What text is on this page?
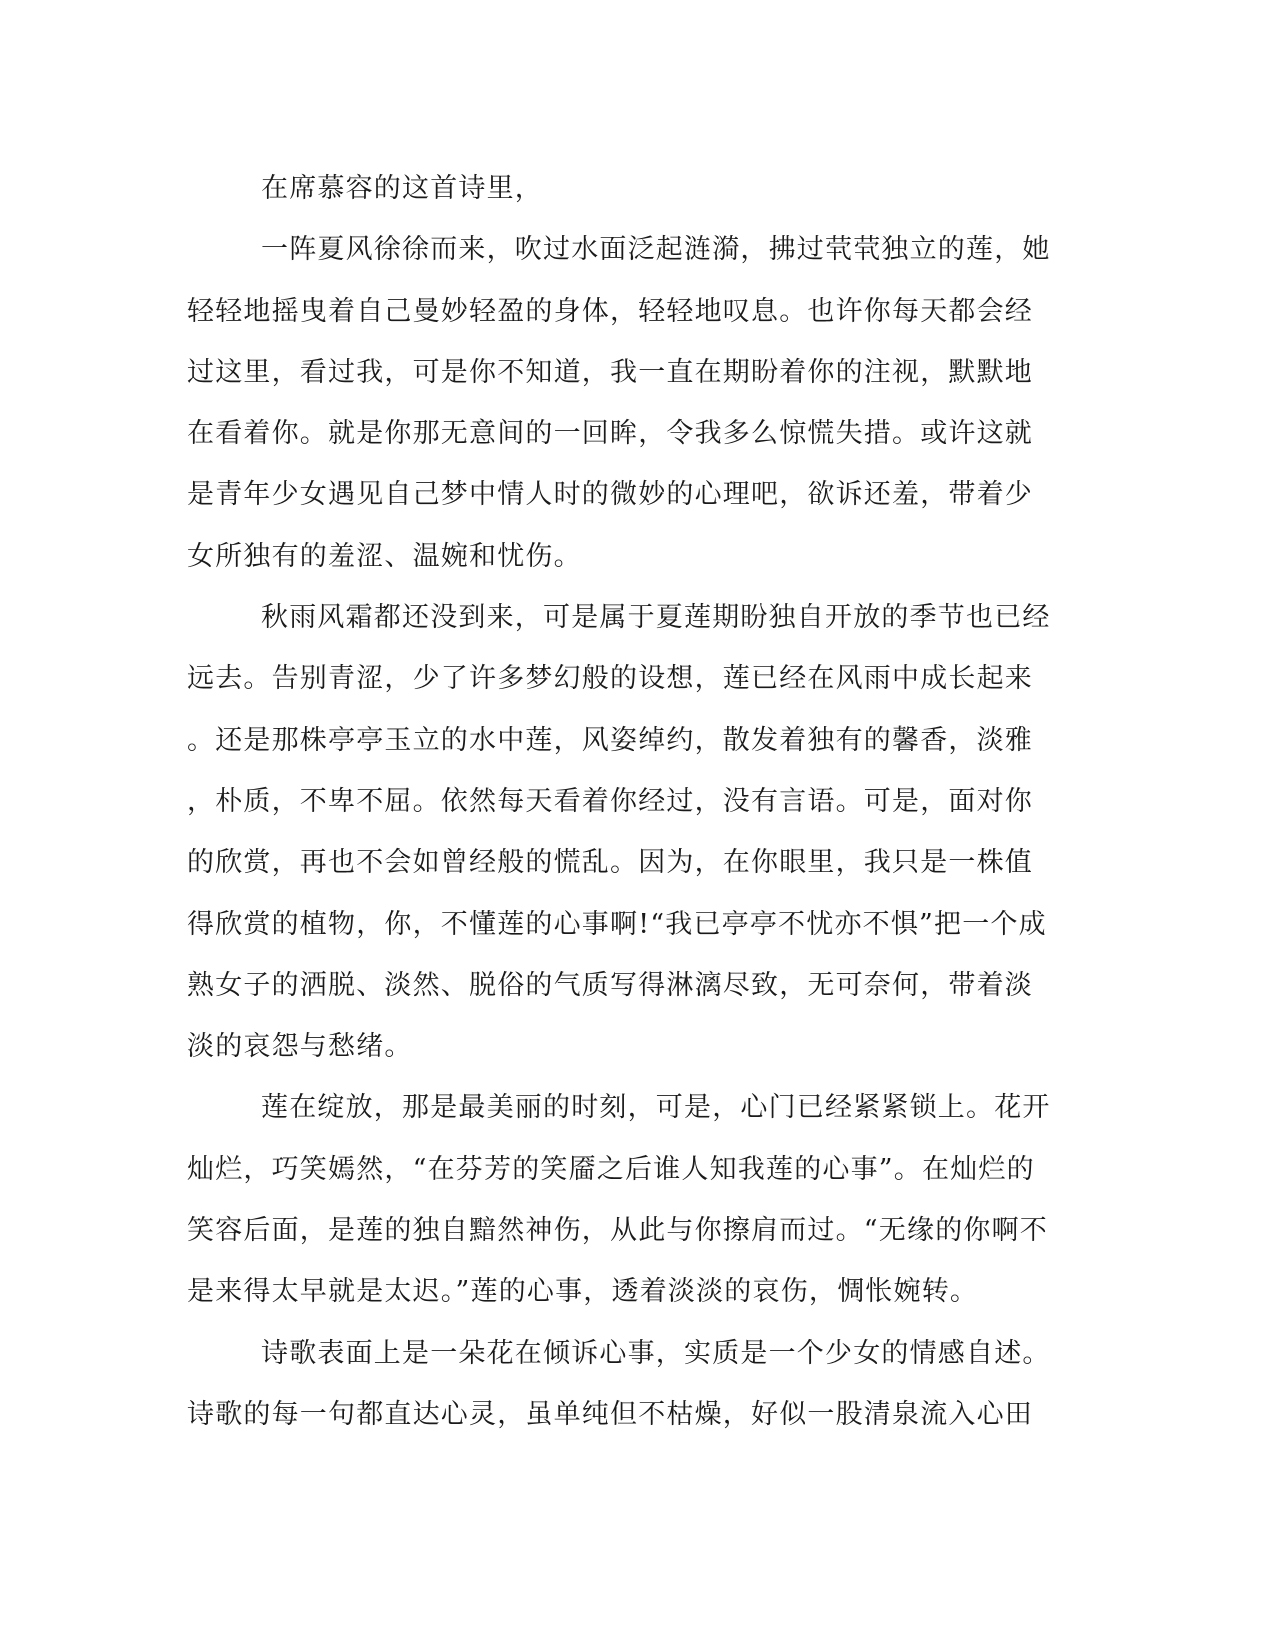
在席慕容的这首诗里，
一阵夏风徐徐而来，吹过水面泛起涟漪，拂过茕茕独立的莲，她
轻轻地摇曳着自己曼妙轻盈的身体，轻轻地叹息。也许你每天都会经
过这里，看过我，可是你不知道，我一直在期盼着你的注视，默默地
在看着你。就是你那无意间的一回眸，令我多么惊慌失措。或许这就
是青年少女遇见自己梦中情人时的微妙的心理吧，欲诉还羞，带着少
女所独有的羞涩、温婉和忧伤。
秋雨风霜都还没到来，可是属于夏莲期盼独自开放的季节也已经
远去。告别青涩，少了许多梦幻般的设想，莲已经在风雨中成长起来
。还是那株亭亭玉立的水中莲，风姿绰约，散发着独有的馨香，淡雅
，朴质，不卑不屈。依然每天看着你经过，没有言语。可是，面对你
的欣赏，再也不会如曾经般的慌乱。因为，在你眼里，我只是一株值
得欣赏的植物，你，不懂莲的心事啊!“我已亭亭不忧亦不惧”把一个成
熟女子的洒脱、淡然、脱俗的气质写得淋漓尽致，无可奈何，带着淡
淡的哀怨与愁绪。
莲在绽放，那是最美丽的时刻，可是，心门已经紧紧锁上。花开
灿烂，巧笑嫣然，“在芬芳的笑靥之后谁人知我莲的心事”。在灿烂的
笑容后面，是莲的独自黯然神伤，从此与你擦肩而过。“无缘的你啊不
是来得太早就是太迟。”莲的心事，透着淡淡的哀伤，惆怅婉转。
诗歌表面上是一朵花在倾诉心事，实质是一个少女的情感自述。
诗歌的每一句都直达心灵，虽单纯但不枯燥，好似一股清泉流入心田
